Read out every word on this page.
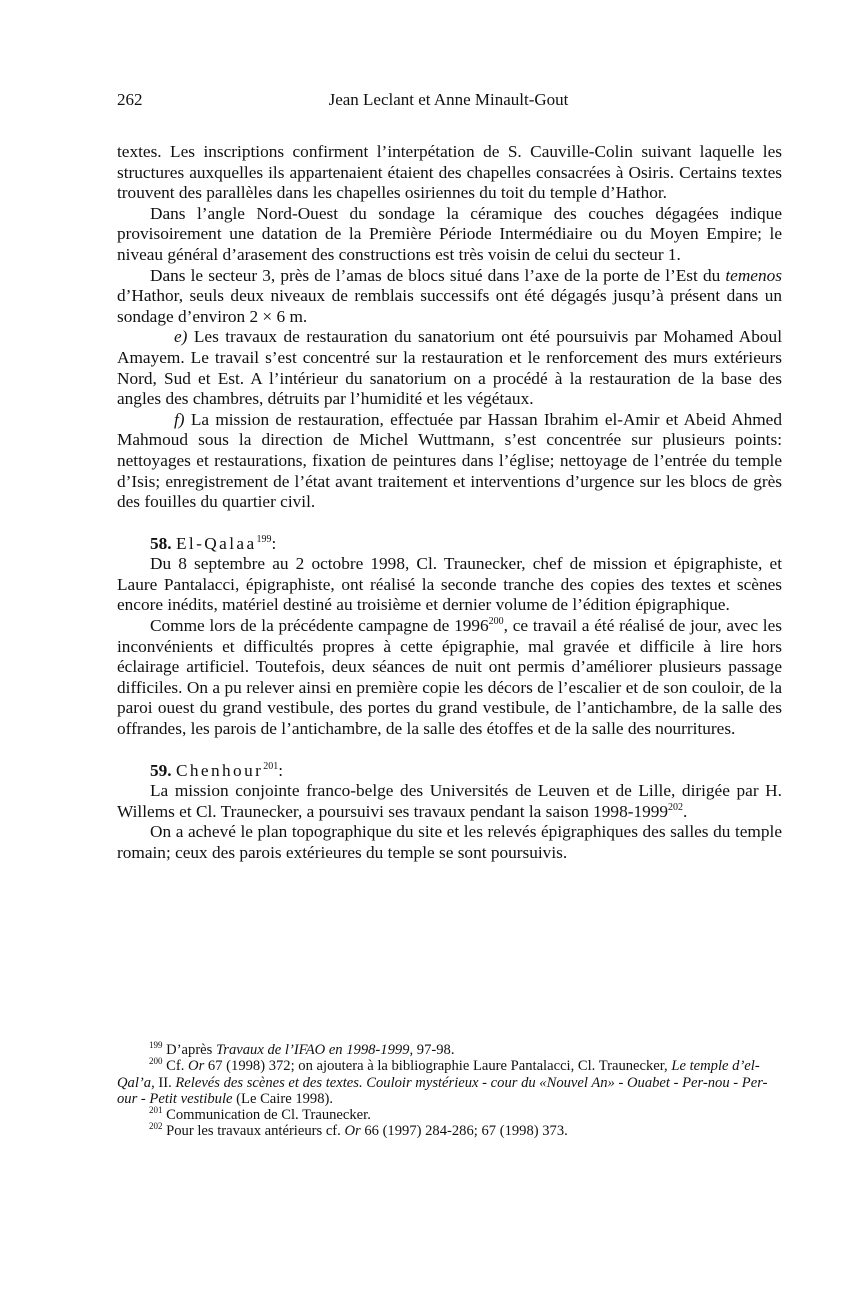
262	Jean Leclant et Anne Minault-Gout

textes. Les inscriptions confirment l’interpétation de S. Cauville-Colin suivant laquelle les structures auxquelles ils appartenaient étaient des chapelles consacrées à Osiris. Certains textes trouvent des parallèles dans les chapelles osiriennes du toit du temple d’Hathor.

Dans l’angle Nord-Ouest du sondage la céramique des couches dégagées indique provisoirement une datation de la Première Période Intermédiaire ou du Moyen Empire; le niveau général d’arasement des constructions est très voisin de celui du secteur 1.

Dans le secteur 3, près de l’amas de blocs situé dans l’axe de la porte de l’Est du temenos d’Hathor, seuls deux niveaux de remblais successifs ont été dégagés jusqu’à présent dans un sondage d’environ 2 × 6 m.

e) Les travaux de restauration du sanatorium ont été poursuivis par Mohamed Aboul Amayem. Le travail s’est concentré sur la restauration et le renforcement des murs extérieurs Nord, Sud et Est. A l’intérieur du sanatorium on a procédé à la restauration de la base des angles des chambres, détruits par l’humidité et les végétaux.

f) La mission de restauration, effectuée par Hassan Ibrahim el-Amir et Abeid Ahmed Mahmoud sous la direction de Michel Wuttmann, s’est concentrée sur plusieurs points: nettoyages et restaurations, fixation de peintures dans l’église; nettoyage de l’entrée du temple d’Isis; enregistrement de l’état avant traitement et interventions d’urgence sur les blocs de grès des fouilles du quartier civil.

58. El-Qalaa$^{199}$:

Du 8 septembre au 2 octobre 1998, Cl. Traunecker, chef de mission et épigraphiste, et Laure Pantalacci, épigraphiste, ont réalisé la seconde tranche des copies des textes et scènes encore inédits, matériel destiné au troisième et dernier volume de l’édition épigraphique.

Comme lors de la précédente campagne de 1996$^{200}$, ce travail a été réalisé de jour, avec les inconvénients et difficultés propres à cette épigraphie, mal gravée et difficile à lire hors éclairage artificiel. Toutefois, deux séances de nuit ont permis d’améliorer plusieurs passage difficiles. On a pu relever ainsi en première copie les décors de l’escalier et de son couloir, de la paroi ouest du grand vestibule, des portes du grand vestibule, de l’antichambre, de la salle des offrandes, les parois de l’antichambre, de la salle des étoffes et de la salle des nourritures.

59. Chenhour$^{201}$:

La mission conjointe franco-belge des Universités de Leuven et de Lille, dirigée par H. Willems et Cl. Traunecker, a poursuivi ses travaux pendant la saison 1998-1999$^{202}$.

On a achevé le plan topographique du site et les relevés épigraphiques des salles du temple romain; ceux des parois extérieures du temple se sont poursuivis.

$^{199}$ D’après Travaux de l’IFAO en 1998-1999, 97-98.

$^{200}$ Cf. Or 67 (1998) 372; on ajoutera à la bibliographie Laure Pantalacci, Cl. Traunecker, Le temple d’el-Qal’a, II. Relevés des scènes et des textes. Couloir mystérieux - cour du «Nouvel An» - Ouabet - Per-nou - Per-our - Petit vestibule (Le Caire 1998).

$^{201}$ Communication de Cl. Traunecker.

$^{202}$ Pour les travaux antérieurs cf. Or 66 (1997) 284-286; 67 (1998) 373.
